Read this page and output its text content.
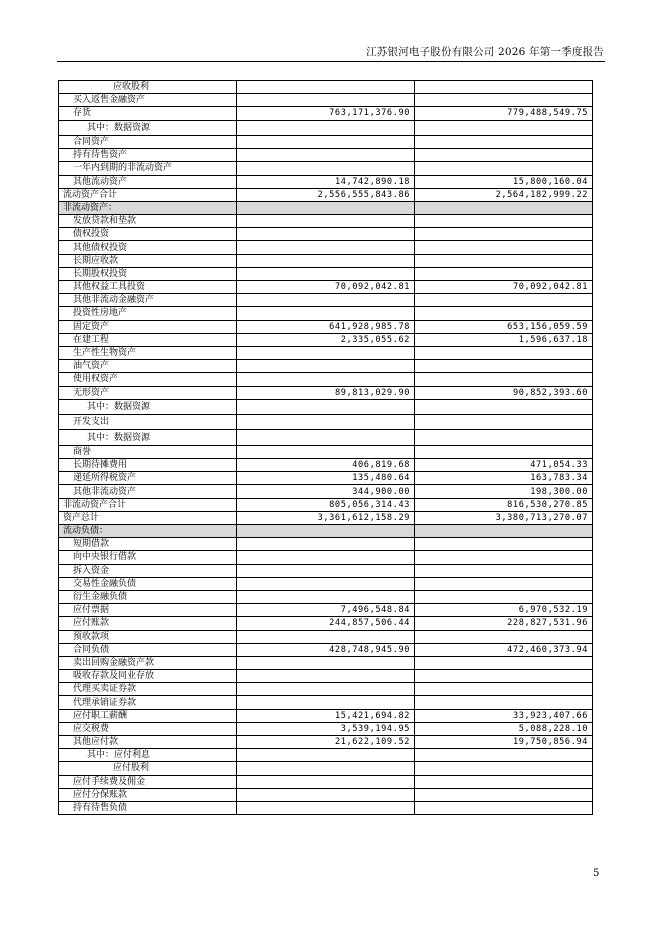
江苏银河电子股份有限公司 2026 年第一季度报告
应收股利		
买入返售金融资产		
存货	763,171,376.90	779,488,549.75
其中：数据资源		
合同资产		
持有待售资产		
一年内到期的非流动资产		
其他流动资产	14,742,890.18	15,800,160.04
流动资产合计	2,556,555,843.86	2,564,182,999.22
非流动资产：		
发放贷款和垫款		
债权投资		
其他债权投资		
长期应收款		
长期股权投资		
其他权益工具投资	70,092,042.81	70,092,042.81
其他非流动金融资产		
投资性房地产		
固定资产	641,928,985.78	653,156,059.59
在建工程	2,335,055.62	1,596,637.18
生产性生物资产		
油气资产		
使用权资产		
无形资产	89,813,029.90	90,852,393.60
其中：数据资源		
开发支出		
其中：数据资源		
商誉		
长期待摊费用	406,819.68	471,054.33
递延所得税资产	135,480.64	163,783.34
其他非流动资产	344,900.00	198,300.00
非流动资产合计	805,056,314.43	816,530,270.85
资产总计	3,361,612,158.29	3,380,713,270.07
流动负债：		
短期借款		
向中央银行借款		
拆入资金		
交易性金融负债		
衍生金融负债		
应付票据	7,496,548.84	6,970,532.19
应付账款	244,857,506.44	228,827,531.96
预收款项		
合同负债	428,748,945.90	472,460,373.94
卖出回购金融资产款		
吸收存款及同业存放		
代理买卖证券款		
代理承销证券款		
应付职工薪酬	15,421,694.82	33,923,407.66
应交税费	3,539,194.95	5,088,228.10
其他应付款	21,622,109.52	19,750,856.94
其中：应付利息		
应付股利		
应付手续费及佣金		
应付分保账款		
持有待售负债		
5
